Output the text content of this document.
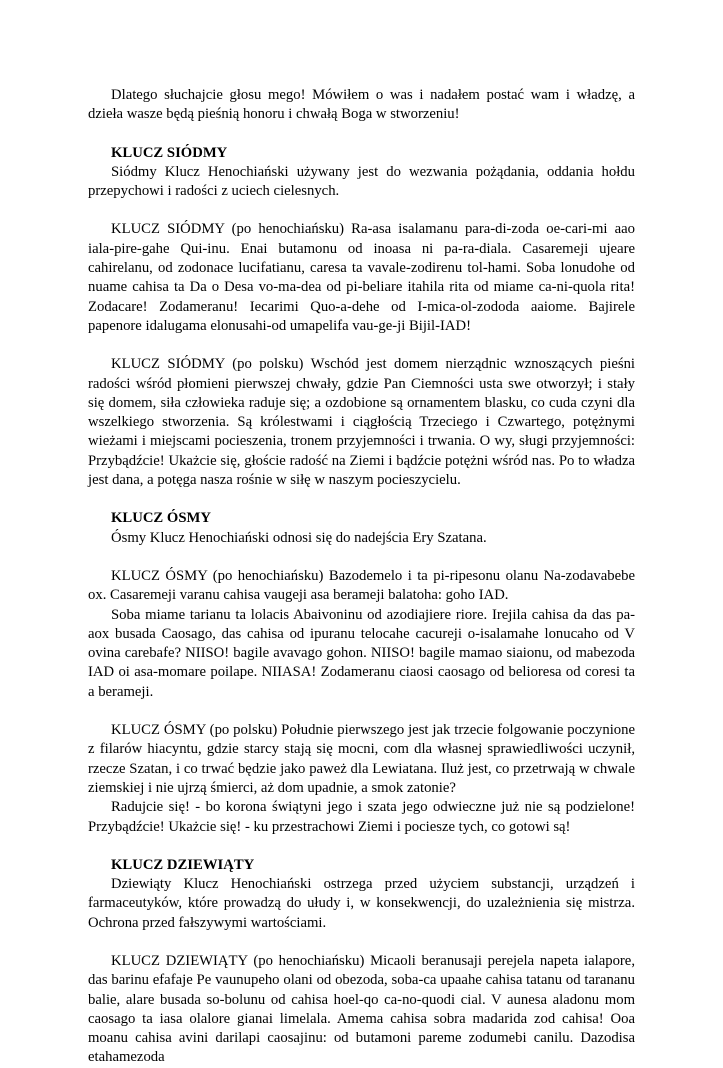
Dlatego słuchajcie głosu mego! Mówiłem o was i nadałem postać wam i władzę, a dzieła wasze będą pieśnią honoru i chwałą Boga w stworzeniu!

KLUCZ SIÓDMY

Siódmy Klucz Henochiański używany jest do wezwania pożądania, oddania hołdu przepychowi i radości z uciech cielesnych.

KLUCZ SIÓDMY (po henochiańsku) Ra-asa isalamanu para-di-zoda oe-cari-mi aao iala-pire-gahe Qui-inu. Enai butamonu od inoasa ni pa-ra-diala. Casaremeji ujeare cahirelanu, od zodonace lucifatianu, caresa ta vavale-zodirenu tol-hami. Soba lonudohe od nuame cahisa ta Da o Desa vo-ma-dea od pi-beliare itahila rita od miame ca-ni-quola rita! Zodacare! Zodameranu! Iecarimi Quo-a-dehe od I-mica-ol-zododa aaiome. Bajirele papenore idalugama elonusahi-od umapelifa vau-ge-ji Bijil-IAD!

KLUCZ SIÓDMY (po polsku) Wschód jest domem nierządnic wznoszących pieśni radości wśród płomieni pierwszej chwały, gdzie Pan Ciemności usta swe otworzył; i stały się domem, siła człowieka raduje się; a ozdobione są ornamentem blasku, co cuda czyni dla wszelkiego stworzenia. Są królestwami i ciągłością Trzeciego i Czwartego, potężnymi wieżami i miejscami pocieszenia, tronem przyjemności i trwania. O wy, sługi przyjemności: Przybądźcie! Ukażcie się, głoście radość na Ziemi i bądźcie potężni wśród nas. Po to władza jest dana, a potęga nasza rośnie w siłę w naszym pocieszycielu.

KLUCZ ÓSMY

Ósmy Klucz Henochiański odnosi się do nadejścia Ery Szatana.

KLUCZ ÓSMY (po henochiańsku) Bazodemelo i ta pi-ripesonu olanu Na-zodavabebe ox. Casaremeji varanu cahisa vaugeji asa berameji balatoha: goho IAD.

Soba miame tarianu ta lolacis Abaivoninu od azodiajiere riore. Irejila cahisa da das pa-aox busada Caosago, das cahisa od ipuranu telocahe cacureji o-isalamahe lonucaho od V ovina carebafe? NIISO! bagile avavago gohon. NIISO! bagile mamao siaionu, od mabezoda IAD oi asa-momare poilape. NIIASA! Zodameranu ciaosi caosago od belioresa od coresi ta a berameji.

KLUCZ ÓSMY (po polsku) Południe pierwszego jest jak trzecie folgowanie poczynione z filarów hiacyntu, gdzie starcy stają się mocni, com dla własnej sprawiedliwości uczynił, rzecze Szatan, i co trwać będzie jako paweż dla Lewiatana. Iluż jest, co przetrwają w chwale ziemskiej i nie ujrzą śmierci, aż dom upadnie, a smok zatonie?

Radujcie się! - bo korona świątyni jego i szata jego odwieczne już nie są podzielone! Przybądźcie! Ukażcie się! - ku przestrachowi Ziemi i pociesze tych, co gotowi są!

KLUCZ DZIEWIĄTY

Dziewiąty Klucz Henochiański ostrzega przed użyciem substancji, urządzeń i farmaceutyków, które prowadzą do ułudy i, w konsekwencji, do uzależnienia się mistrza. Ochrona przed fałszywymi wartościami.

KLUCZ DZIEWIĄTY (po henochiańsku) Micaoli beranusaji perejela napeta ialapore, das barinu efafaje Pe vaunupeho olani od obezoda, soba-ca upaahe cahisa tatanu od tarananu balie, alare busada so-bolunu od cahisa hoel-qo ca-no-quodi cial. V aunesa aladonu mom caosago ta iasa olalore gianai limelala. Amema cahisa sobra madarida zod cahisa! Ooa moanu cahisa avini darilapi caosajinu: od butamoni pareme zodumebi canilu. Dazodisa etahamezoda
